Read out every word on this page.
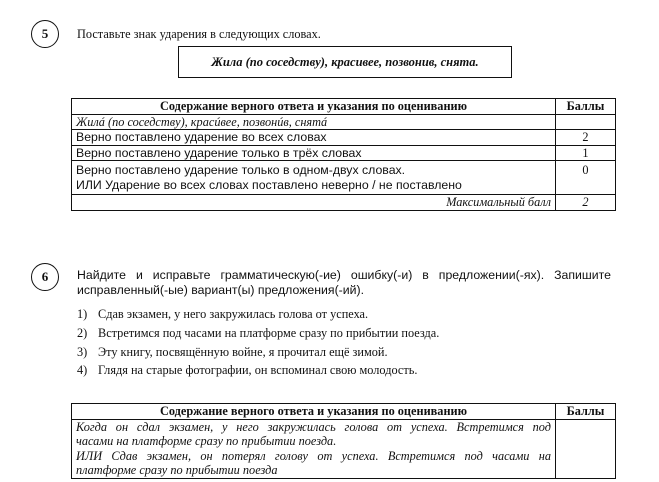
5	Поставьте знак ударения в следующих словах.
Жила (по соседству), красивее, позвонив, снята.
Содержание верного ответа и указания по оцениванию	Баллы
Жилá (по соседству), красúвее, позвонúв, снятá	
Верно поставлено ударение во всех словах	2
Верно поставлено ударение только в трёх словах	1

Верно поставлено ударение только в одном-двух словах.
ИЛИ Ударение во всех словах поставлено неверно / не поставлено	0
Максимальный балл	2
6	Найдите и исправьте грамматическую(-ие) ошибку(-и) в предложении(-ях). Запишите
исправленный(-ые) вариант(ы) предложения(-ий).
1) Сдав экзамен, у него закружилась голова от успеха.
2) Встретимся под часами на платформе сразу по прибытии поезда.
3) Эту книгу, посвящённую войне, я прочитал ещё зимой.
4) Глядя на старые фотографии, он вспоминал свою молодость.
Содержание верного ответа и указания по оцениванию	Баллы

Когда он сдал экзамен, у него закружилась голова от успеха. Встретимся под
часами на платформе сразу по прибытии поезда.
ИЛИ Сдав экзамен, он потерял голову от успеха. Встретимся под часами на
платформе сразу по прибытии поезда	
